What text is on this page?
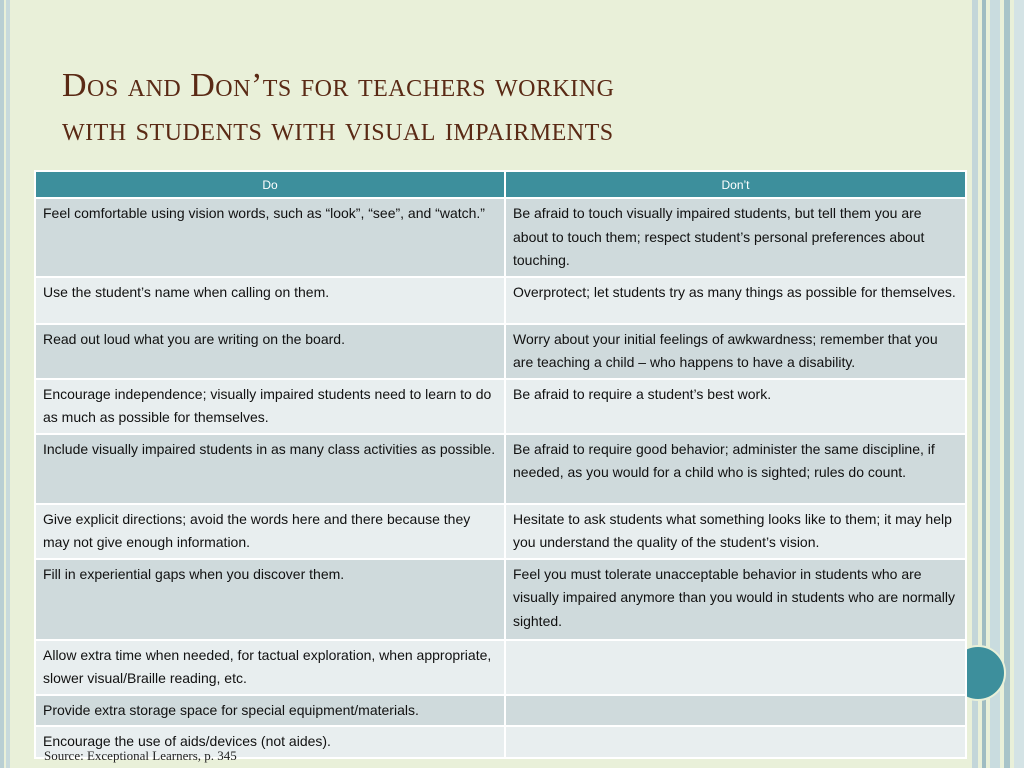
Dos and Don’ts for teachers working
with students with visual impairments
Do	Don’t
Feel comfortable using vision words, such as “look”, “see”, and “watch.”	Be afraid to touch visually impaired students, but tell them you are about to touch them; respect student’s personal preferences about touching.
Use the student’s name when calling on them.	Overprotect; let students try as many things as possible for themselves.
Read out loud what you are writing on the board.	Worry about your initial feelings of awkwardness; remember that you are teaching a child – who happens to have a disability.
Encourage independence; visually impaired students need to learn to do as much as possible for themselves.	Be afraid to require a student’s best work.
Include visually impaired students in as many class activities as possible.	Be afraid to require good behavior; administer the same discipline, if needed, as you would for a child who is sighted; rules do count.
Give explicit directions; avoid the words here and there because they may not give enough information.	Hesitate to ask students what something looks like to them; it may help you understand the quality of the student’s vision.
Fill in experiential gaps when you discover them.	Feel you must tolerate unacceptable behavior in students who are visually impaired anymore than you would in students who are normally sighted.
Allow extra time when needed, for tactual exploration, when appropriate, slower visual/Braille reading, etc.	
Provide extra storage space for special equipment/materials.	
Encourage the use of aids/devices (not aides).	
Source: Exceptional Learners, p. 345
